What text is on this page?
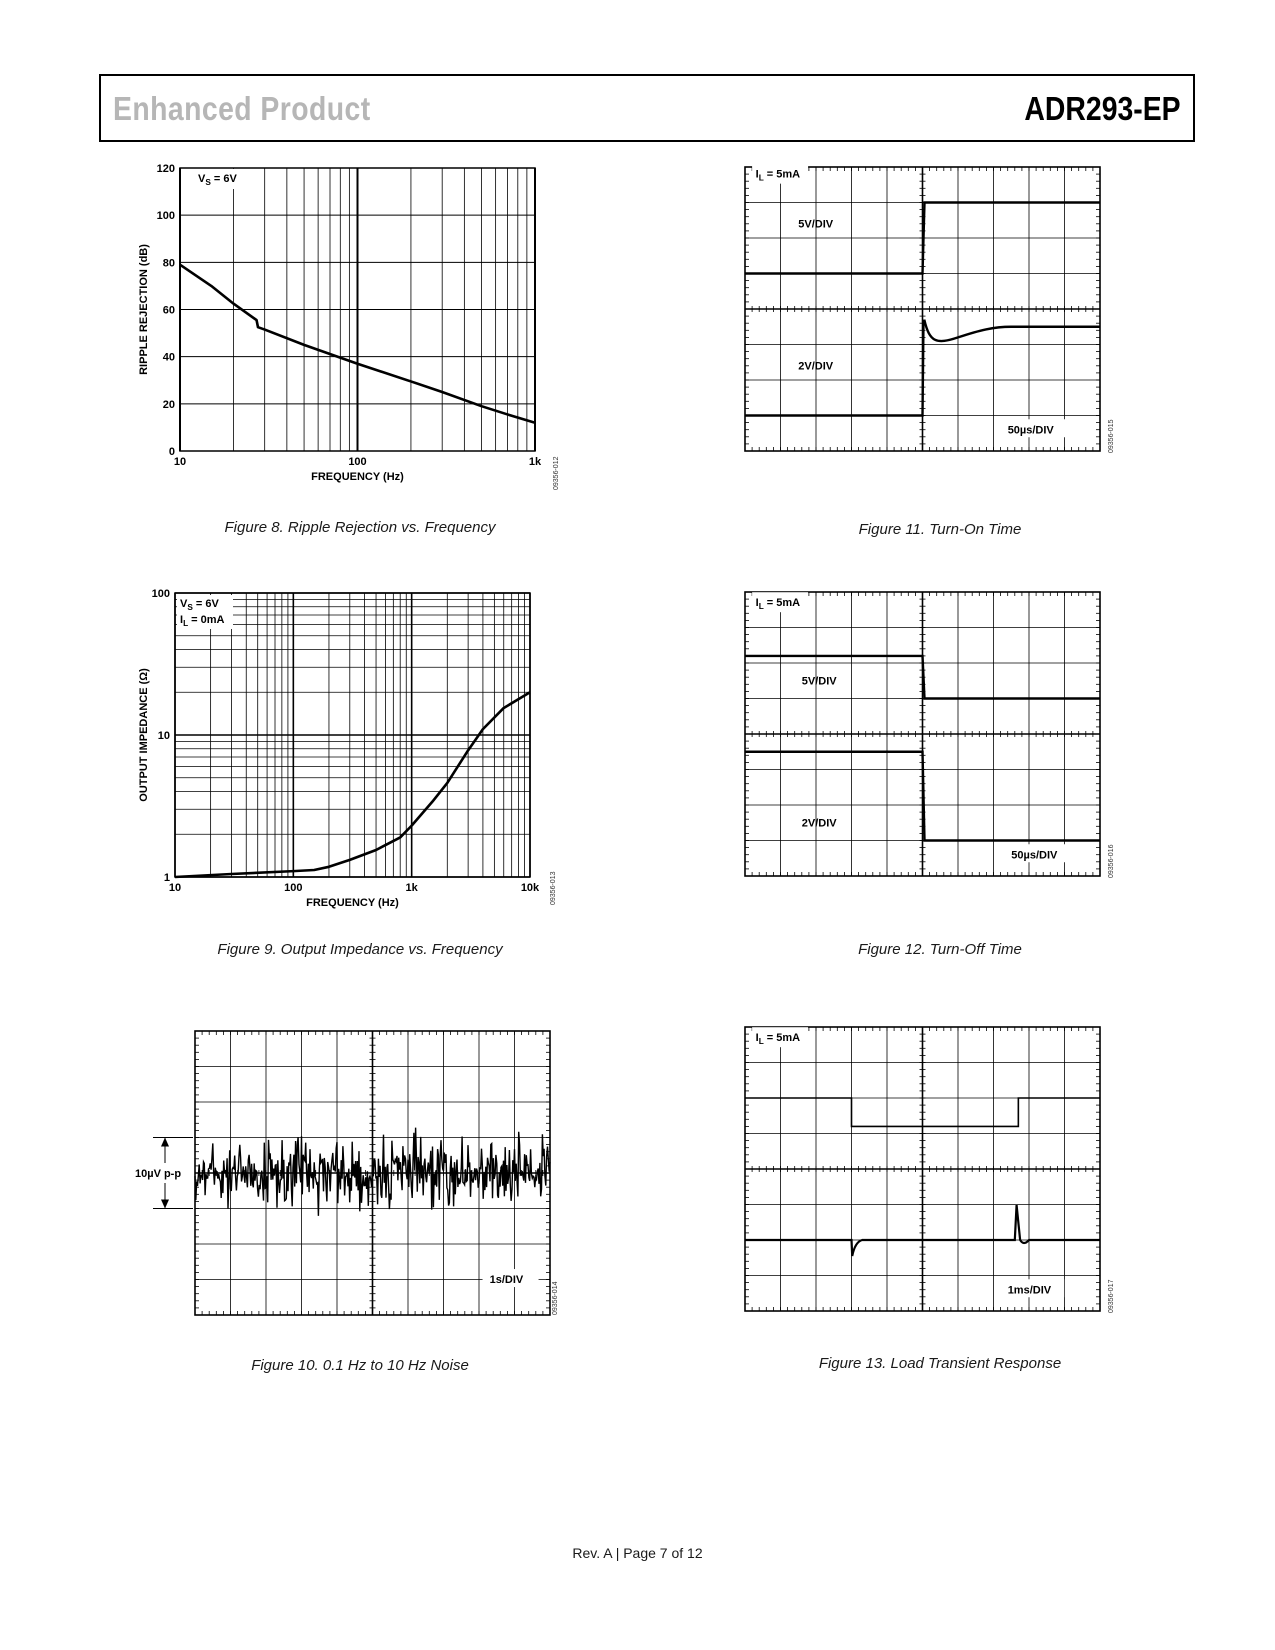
Enhanced Product	ADR293-EP
0
20
40
60
80
100
120
10	100	1k
$V_S = 6V$
FREQUENCY (Hz)
RIPPLE REJECTION (dB)
09356-012
Figure 8. Ripple Rejection vs. Frequency
$I_L = 5mA$
5V/DIV
2V/DIV
50µs/DIV	09356-015
Figure 11. Turn-On Time
1
10
100
10	100	1k	10k
$V_S = 6V$
$I_L = 0mA$
FREQUENCY (Hz)
OUTPUT IMPEDANCE (Ω)
09356-013
Figure 9. Output Impedance vs. Frequency
$I_L = 5mA$
5V/DIV
2V/DIV
50µs/DIV	09356-016
Figure 12. Turn-Off Time
10µV p-p
1s/DIV
09356-014
Figure 10. 0.1 Hz to 10 Hz Noise
$I_L = 5mA$
1ms/DIV	09356-017
Figure 13. Load Transient Response
Rev. A | Page 7 of 12
